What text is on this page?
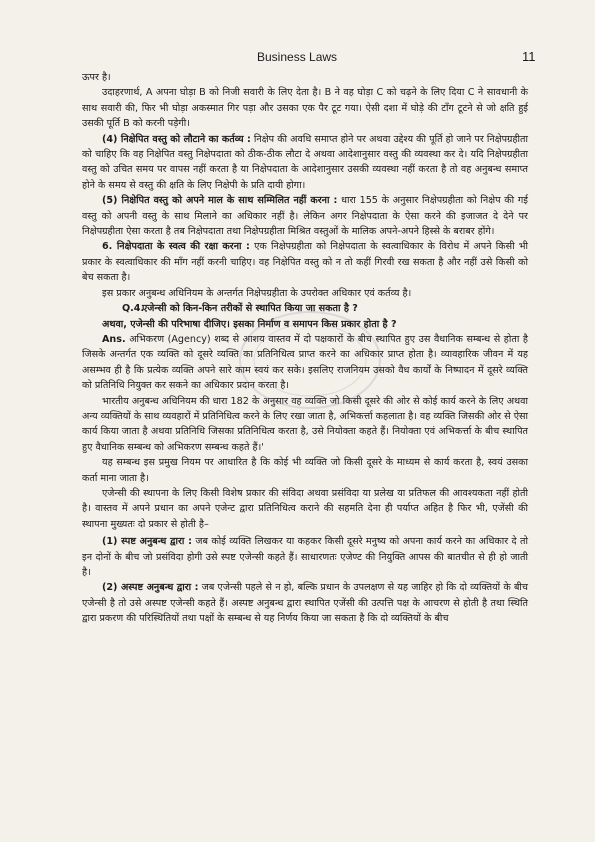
Business Laws	11

ऊपर है।

उदाहरणार्थ, A अपना घोड़ा B को निजी सवारी के लिए देता है। B ने वह घोड़ा C को चढ़ने के लिए दिया C ने सावधानी के साथ सवारी की, फिर भी घोड़ा अकस्मात गिर पड़ा और उसका एक पैर टूट गया। ऐसी दशा में घोड़े की टाँग टूटने से जो क्षति हुई उसकी पूर्ति B को करनी पड़ेगी।

(4) निक्षेपित वस्तु को लौटाने का कर्तव्य : निक्षेप की अवधि समाप्त होने पर अथवा उद्देश्य की पूर्ति हो जाने पर निक्षेपग्रहीता को चाहिए कि वह निक्षेपित वस्तु निक्षेपदाता को ठीक-ठीक लौटा दे अथवा आदेशानुसार वस्तु की व्यवस्था कर दे। यदि निक्षेपग्रहीता वस्तु को उचित समय पर वापस नहीं करता है या निक्षेपदाता के आदेशानुसार उसकी व्यवस्था नहीं करता है तो वह अनुबन्ध समाप्त होने के समय से वस्तु की क्षति के लिए निक्षेपी के प्रति दायी होगा।

(5) निक्षेपित वस्तु को अपने माल के साथ सम्मिलित नहीं करना : धारा 155 के अनुसार निक्षेपग्रहीता को निक्षेप की गई वस्तु को अपनी वस्तु के साथ मिलाने का अधिकार नहीं है। लेकिन अगर निक्षेपदाता के ऐसा करने की इजाजत दे देने पर निक्षेपग्रहीता ऐसा करता है तब निक्षेपदाता तथा निक्षेपग्रहीता मिश्रित वस्तुओं के मालिक अपने-अपने हिस्से के बराबर होंगे।

6. निक्षेपदाता के स्वत्व की रक्षा करना : एक निक्षेपग्रहीता को निक्षेपदाता के स्वत्वाधिकार के विरोध में अपने किसी भी प्रकार के स्वत्वाधिकार की माँग नहीं करनी चाहिए। वह निक्षेपित वस्तु को न तो कहीं गिरवी रख सकता है और नहीं उसे किसी को बेच सकता है।

इस प्रकार अनुबन्ध अधिनियम के अन्तर्गत निक्षेपग्रहीता के उपरोक्त अधिकार एवं कर्तव्य है।

Q.4.एजेन्सी को किन-किन तरीकों से स्थापित किया जा सकता है ?

अथवा, एजेन्सी की परिभाषा दीजिए। इसका निर्माण व समापन किस प्रकार होता है ?

Ans. अभिकरण (Agency) शब्द से आशय वास्तव में दो पक्षकारों के बीच स्थापित हुए उस वैधानिक सम्बन्ध से होता है जिसके अन्तर्गत एक व्यक्ति को दूसरे व्यक्ति का प्रतिनिधित्व प्राप्त करने का अधिकार प्राप्त होता है। व्यावहारिक जीवन में यह असम्भव ही है कि प्रत्येक व्यक्ति अपने सारे काम स्वयं कर सके। इसलिए राजनियम उसको वैध कार्यों के निष्पादन में दूसरे व्यक्ति को प्रतिनिधि नियुक्त कर सकने का अधिकार प्रदान करता है।

भारतीय अनुबन्ध अधिनियम की धारा 182 के अनुसार वह व्यक्ति जो किसी दूसरे की ओर से कोई कार्य करने के लिए अथवा अन्य व्यक्तियों के साथ व्यवहारों में प्रतिनिधित्व करने के लिए रखा जाता है, अभिकर्त्ता कहलाता है। वह व्यक्ति जिसकी ओर से ऐसा कार्य किया जाता है अथवा प्रतिनिधि जिसका प्रतिनिधित्व करता है, उसे नियोक्ता कहते हैं। नियोक्ता एवं अभिकर्त्ता के बीच स्थापित हुए वैधानिक सम्बन्ध को अभिकरण सम्बन्ध कहते हैं।'

यह सम्बन्ध इस प्रमुख नियम पर आधारित है कि कोई भी व्यक्ति जो किसी दूसरे के माध्यम से कार्य करता है, स्वयं उसका कर्ता माना जाता है।

एजेन्सी की स्थापना के लिए किसी विशेष प्रकार की संविदा अथवा प्रसंविदा या प्रलेख या प्रतिफल की आवश्यकता नहीं होती है। वास्तव में अपने प्रधान का अपने एजेन्ट द्वारा प्रतिनिधित्व कराने की सहमति देना ही पर्याप्त अहित है फिर भी, एजेंसी की स्थापना मुख्यतः दो प्रकार से होती है–

(1) स्पष्ट अनुबन्ध द्वारा : जब कोई व्यक्ति लिखकर या कहकर किसी दूसरे मनुष्य को अपना कार्य करने का अधिकार दे तो इन दोनों के बीच जो प्रसंविदा होगी उसे स्पष्ट एजेन्सी कहते हैं। साधारणतः एजेण्ट की नियुक्ति आपस की बातचीत से ही हो जाती है।

(2) अस्पष्ट अनुबन्ध द्वारा : जब एजेन्सी पहले से न हो, बल्कि प्रधान के उपलक्षण से यह जाहिर हो कि दो व्यक्तियों के बीच एजेन्सी है तो उसे अस्पष्ट एजेन्सी कहते हैं। अस्पष्ट अनुबन्ध द्वारा स्थापित एजेंसी की उत्पत्ति पक्ष के आचरण से होती है तथा स्थिति द्वारा प्रकरण की परिस्थितियों तथा पक्षों के सम्बन्ध से यह निर्णय किया जा सकता है कि दो व्यक्तियों के बीच
